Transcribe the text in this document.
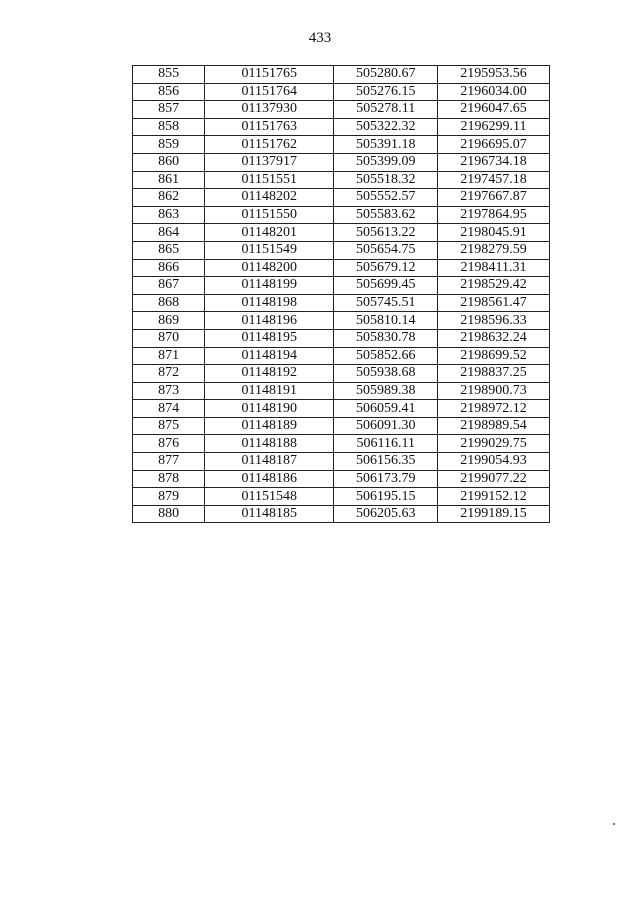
433
855	01151765	505280.67	2195953.56
856	01151764	505276.15	2196034.00
857	01137930	505278.11	2196047.65
858	01151763	505322.32	2196299.11
859	01151762	505391.18	2196695.07
860	01137917	505399.09	2196734.18
861	01151551	505518.32	2197457.18
862	01148202	505552.57	2197667.87
863	01151550	505583.62	2197864.95
864	01148201	505613.22	2198045.91
865	01151549	505654.75	2198279.59
866	01148200	505679.12	2198411.31
867	01148199	505699.45	2198529.42
868	01148198	505745.51	2198561.47
869	01148196	505810.14	2198596.33
870	01148195	505830.78	2198632.24
871	01148194	505852.66	2198699.52
872	01148192	505938.68	2198837.25
873	01148191	505989.38	2198900.73
874	01148190	506059.41	2198972.12
875	01148189	506091.30	2198989.54
876	01148188	506116.11	2199029.75
877	01148187	506156.35	2199054.93
878	01148186	506173.79	2199077.22
879	01151548	506195.15	2199152.12
880	01148185	506205.63	2199189.15
